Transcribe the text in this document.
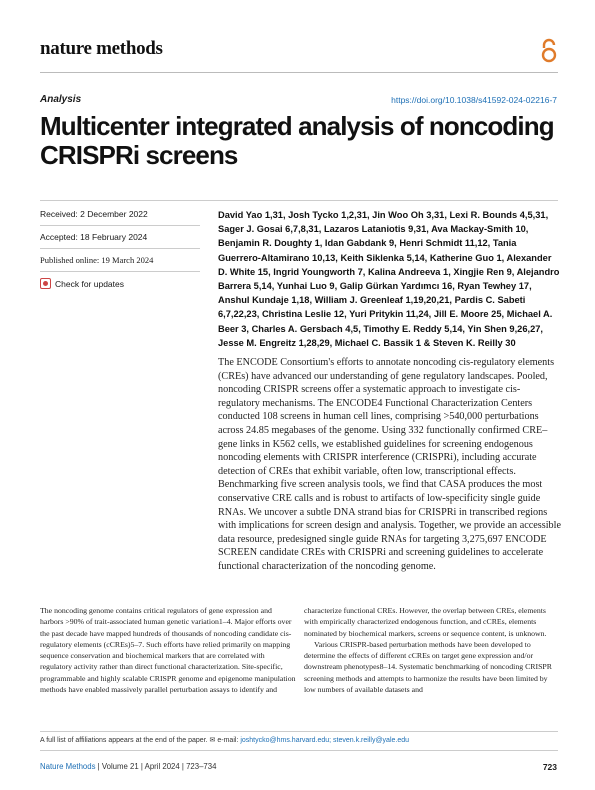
nature methods
Analysis	https://doi.org/10.1038/s41592-024-02216-7
Multicenter integrated analysis of noncoding CRISPRi screens
Received: 2 December 2022
Accepted: 18 February 2024
Published online: 19 March 2024
Check for updates
David Yao 1,31, Josh Tycko 1,2,31, Jin Woo Oh 3,31, Lexi R. Bounds 4,5,31, Sager J. Gosai 6,7,8,31, Lazaros Lataniotis 9,31, Ava Mackay-Smith 10, Benjamin R. Doughty 1, Idan Gabdank 9, Henri Schmidt 11,12, Tania Guerrero-Altamirano 10,13, Keith Siklenka 5,14, Katherine Guo 1, Alexander D. White 15, Ingrid Youngworth 7, Kalina Andreeva 1, Xingjie Ren 9, Alejandro Barrera 5,14, Yunhai Luo 9, Galip Gürkan Yardımcı 16, Ryan Tewhey 17, Anshul Kundaje 1,18, William J. Greenleaf 1,19,20,21, Pardis C. Sabeti 6,7,22,23, Christina Leslie 12, Yuri Pritykin 11,24, Jill E. Moore 25, Michael A. Beer 3, Charles A. Gersbach 4,5, Timothy E. Reddy 5,14, Yin Shen 9,26,27, Jesse M. Engreitz 1,28,29, Michael C. Bassik 1 & Steven K. Reilly 30
The ENCODE Consortium's efforts to annotate noncoding cis-regulatory elements (CREs) have advanced our understanding of gene regulatory landscapes. Pooled, noncoding CRISPR screens offer a systematic approach to investigate cis-regulatory mechanisms. The ENCODE4 Functional Characterization Centers conducted 108 screens in human cell lines, comprising >540,000 perturbations across 24.85 megabases of the genome. Using 332 functionally confirmed CRE–gene links in K562 cells, we established guidelines for screening endogenous noncoding elements with CRISPR interference (CRISPRi), including accurate detection of CREs that exhibit variable, often low, transcriptional effects. Benchmarking five screen analysis tools, we find that CASA produces the most conservative CRE calls and is robust to artifacts of low-specificity single guide RNAs. We uncover a subtle DNA strand bias for CRISPRi in transcribed regions with implications for screen design and analysis. Together, we provide an accessible data resource, predesigned single guide RNAs for targeting 3,275,697 ENCODE SCREEN candidate CREs with CRISPRi and screening guidelines to accelerate functional characterization of the noncoding genome.

The noncoding genome contains critical regulators of gene expression and harbors >90% of trait-associated human genetic variation1–4. Major efforts over the past decade have mapped hundreds of thousands of noncoding candidate cis-regulatory elements (cCREs)5–7. Such efforts have relied primarily on mapping sequence conservation and biochemical markers that are correlated with regulatory activity rather than direct functional characterization. Site-specific, programmable and highly scalable CRISPR genome and epigenome manipulation methods have enabled massively parallel perturbation assays to identify and

characterize functional CREs. However, the overlap between CREs, elements with empirically characterized endogenous function, and cCREs, elements nominated by biochemical markers, screens or sequence content, is unknown.

Various CRISPR-based perturbation methods have been developed to determine the effects of different cCREs on target gene expression and/or downstream phenotypes8–14. Systematic benchmarking of noncoding CRISPR screening methods and attempts to harmonize the results have been limited by low numbers of available datasets and

A full list of affiliations appears at the end of the paper. ✉ e-mail: joshtycko@hms.harvard.edu; steven.k.reilly@yale.edu
Nature Methods | Volume 21 | April 2024 | 723–734	723
